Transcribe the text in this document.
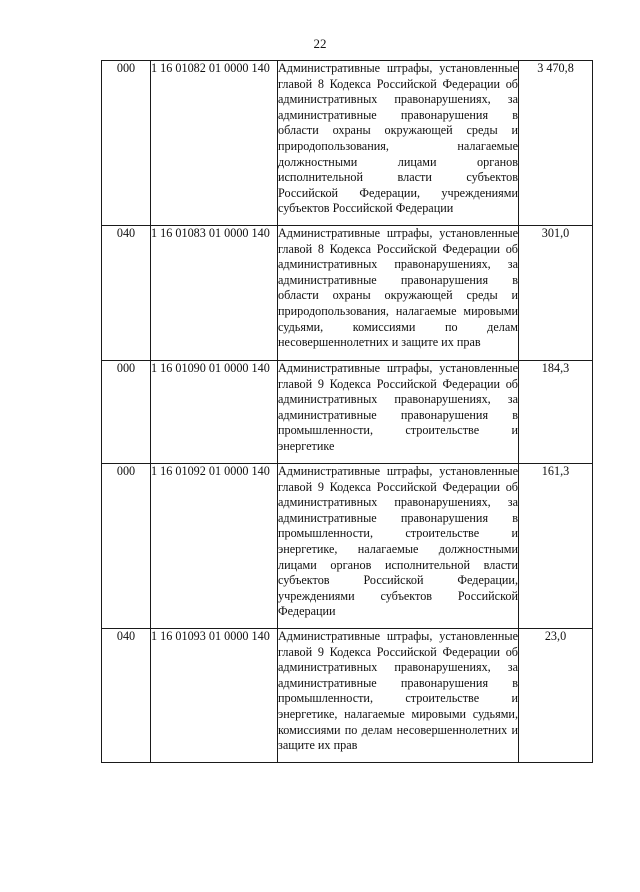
22
000	1 16 01082 01 0000 140	Административные штрафы, установленные главой 8 Кодекса Российской Федерации об административных правонарушениях, за административные правонарушения в области охраны окружающей среды и природопользования, налагаемые должностными лицами органов исполнительной власти субъектов Российской Федерации, учреждениями субъектов Российской Федерации	3 470,8
040	1 16 01083 01 0000 140	Административные штрафы, установленные главой 8 Кодекса Российской Федерации об административных правонарушениях, за административные правонарушения в области охраны окружающей среды и природопользования, налагаемые мировыми судьями, комиссиями по делам несовершеннолетних и защите их прав	301,0
000	1 16 01090 01 0000 140	Административные штрафы, установленные главой 9 Кодекса Российской Федерации об административных правонарушениях, за административные правонарушения в промышленности, строительстве и энергетике	184,3
000	1 16 01092 01 0000 140	Административные штрафы, установленные главой 9 Кодекса Российской Федерации об административных правонарушениях, за административные правонарушения в промышленности, строительстве и энергетике, налагаемые должностными лицами органов исполнительной власти субъектов Российской Федерации, учреждениями субъектов Российской Федерации	161,3
040	1 16 01093 01 0000 140	Административные штрафы, установленные главой 9 Кодекса Российской Федерации об административных правонарушениях, за административные правонарушения в промышленности, строительстве и энергетике, налагаемые мировыми судьями, комиссиями по делам несовершеннолетних и защите их прав	23,0
